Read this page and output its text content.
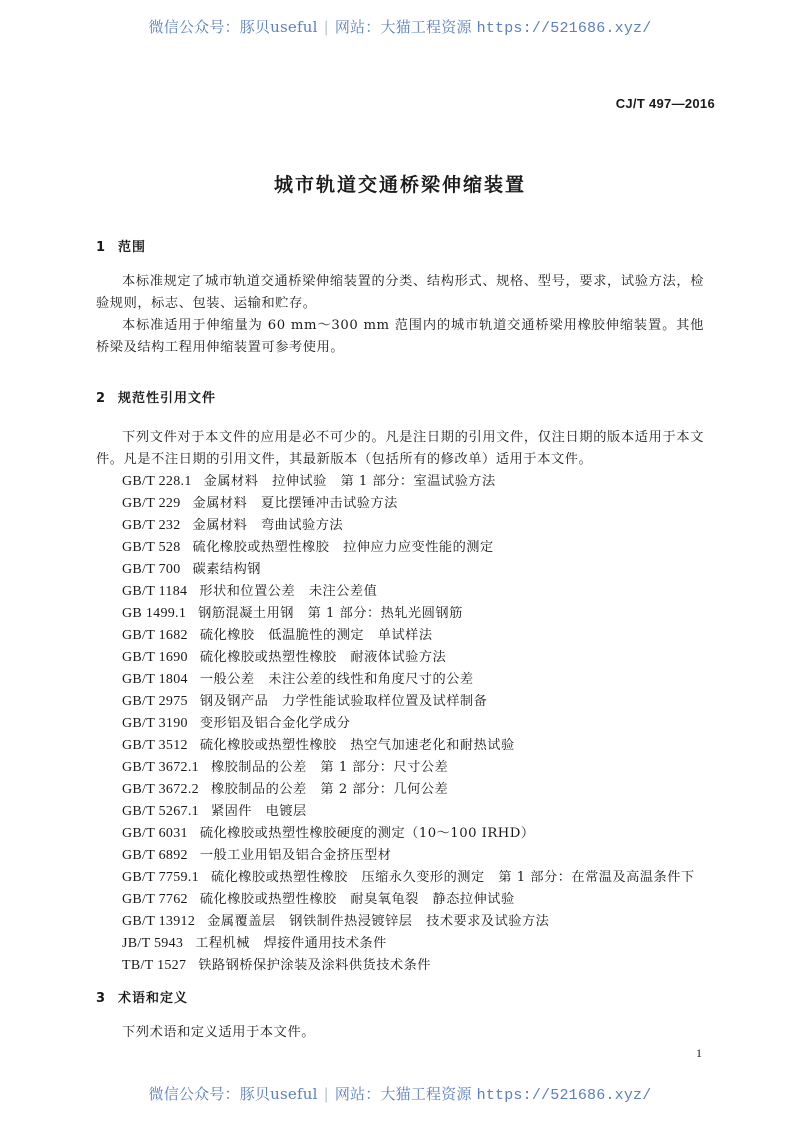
微信公众号：豚贝useful | 网站：大猫工程资源 https://521686.xyz/
CJ/T 497—2016
城市轨道交通桥梁伸缩装置
1 范围
本标准规定了城市轨道交通桥梁伸缩装置的分类、结构形式、规格、型号，要求，试验方法，检验规则，标志、包装、运输和贮存。
本标准适用于伸缩量为 60 mm～300 mm 范围内的城市轨道交通桥梁用橡胶伸缩装置。其他桥梁及结构工程用伸缩装置可参考使用。
2 规范性引用文件
下列文件对于本文件的应用是必不可少的。凡是注日期的引用文件，仅注日期的版本适用于本文件。凡是不注日期的引用文件，其最新版本（包括所有的修改单）适用于本文件。
GB/T 228.1 金属材料　拉伸试验　第 1 部分：室温试验方法
GB/T 229 金属材料　夏比摆锤冲击试验方法
GB/T 232 金属材料　弯曲试验方法
GB/T 528 硫化橡胶或热塑性橡胶　拉伸应力应变性能的测定
GB/T 700 碳素结构钢
GB/T 1184 形状和位置公差　未注公差值
GB 1499.1 钢筋混凝土用钢　第 1 部分：热轧光圆钢筋
GB/T 1682 硫化橡胶　低温脆性的测定　单试样法
GB/T 1690 硫化橡胶或热塑性橡胶　耐液体试验方法
GB/T 1804 一般公差　未注公差的线性和角度尺寸的公差
GB/T 2975 钢及钢产品　力学性能试验取样位置及试样制备
GB/T 3190 变形铝及铝合金化学成分
GB/T 3512 硫化橡胶或热塑性橡胶　热空气加速老化和耐热试验
GB/T 3672.1 橡胶制品的公差　第 1 部分：尺寸公差
GB/T 3672.2 橡胶制品的公差　第 2 部分：几何公差
GB/T 5267.1 紧固件　电镀层
GB/T 6031 硫化橡胶或热塑性橡胶硬度的测定（10～100 IRHD）
GB/T 6892 一般工业用铝及铝合金挤压型材
GB/T 7759.1 硫化橡胶或热塑性橡胶　压缩永久变形的测定　第 1 部分：在常温及高温条件下
GB/T 7762 硫化橡胶或热塑性橡胶　耐臭氧龟裂　静态拉伸试验
GB/T 13912 金属覆盖层　钢铁制件热浸镀锌层　技术要求及试验方法
JB/T 5943 工程机械　焊接件通用技术条件
TB/T 1527 铁路钢桥保护涂装及涂料供货技术条件
3 术语和定义
下列术语和定义适用于本文件。
1
微信公众号：豚贝useful | 网站：大猫工程资源 https://521686.xyz/
